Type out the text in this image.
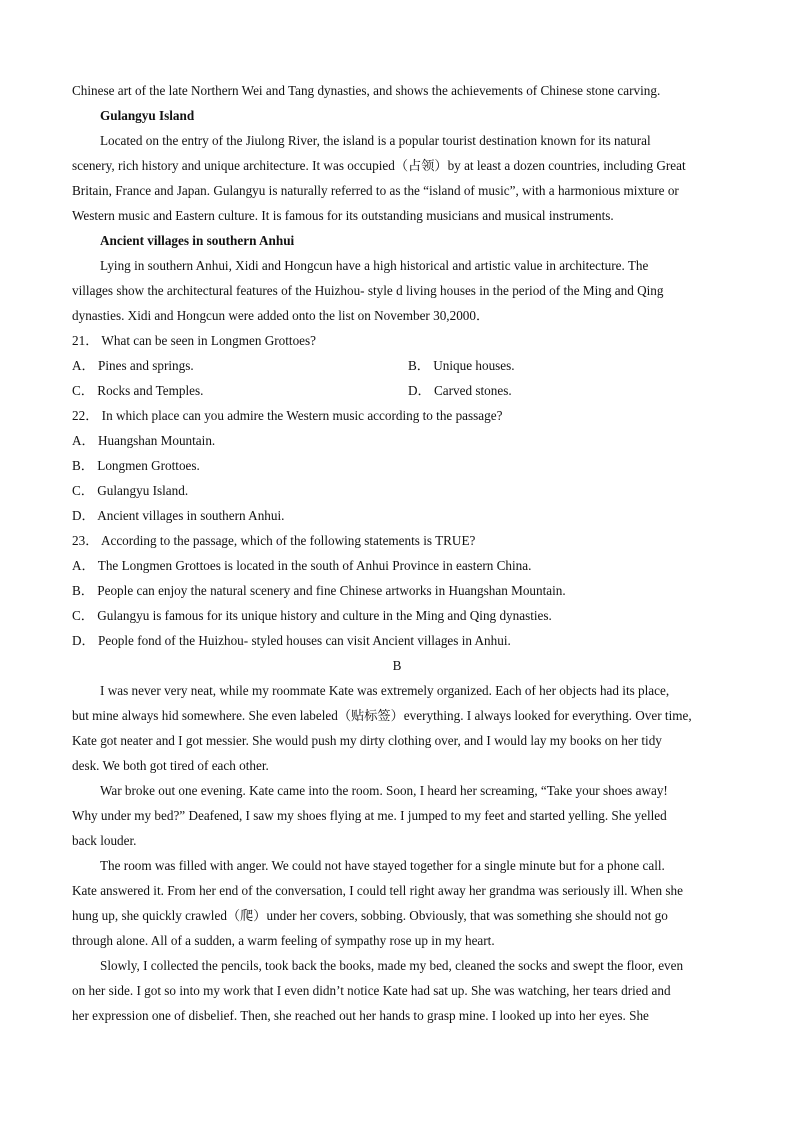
Chinese art of the late Northern Wei and Tang dynasties, and shows the achievements of Chinese stone carving.
Gulangyu Island
Located on the entry of the Jiulong River, the island is a popular tourist destination known for its natural
scenery, rich history and unique architecture. It was occupied（占领）by at least a dozen countries, including Great
Britain, France and Japan. Gulangyu is naturally referred to as the “island of music”, with a harmonious mixture or
Western music and Eastern culture. It is famous for its outstanding musicians and musical instruments.
Ancient villages in southern Anhui
Lying in southern Anhui, Xidi and Hongcun have a high historical and artistic value in architecture. The
villages show the architectural features of the Huizhou- style d living houses in the period of the Ming and Qing
dynasties. Xidi and Hongcun were added onto the list on November 30,2000．
21． What can be seen in Longmen Grottoes?
A． Pines and springs.	B． Unique houses.
C． Rocks and Temples.	D． Carved stones.
22． In which place can you admire the Western music according to the passage?
A． Huangshan Mountain.
B． Longmen Grottoes.
C． Gulangyu Island.
D． Ancient villages in southern Anhui.
23． According to the passage, which of the following statements is TRUE?
A． The Longmen Grottoes is located in the south of Anhui Province in eastern China.
B． People can enjoy the natural scenery and fine Chinese artworks in Huangshan Mountain.
C． Gulangyu is famous for its unique history and culture in the Ming and Qing dynasties.
D． People fond of the Huizhou- styled houses can visit Ancient villages in Anhui.
B
I was never very neat, while my roommate Kate was extremely organized. Each of her objects had its place,
but mine always hid somewhere. She even labeled（贴标签）everything. I always looked for everything. Over time,
Kate got neater and I got messier. She would push my dirty clothing over, and I would lay my books on her tidy
desk. We both got tired of each other.
War broke out one evening. Kate came into the room. Soon, I heard her screaming, “Take your shoes away!
Why under my bed?” Deafened, I saw my shoes flying at me. I jumped to my feet and started yelling. She yelled
back louder.
The room was filled with anger. We could not have stayed together for a single minute but for a phone call.
Kate answered it. From her end of the conversation, I could tell right away her grandma was seriously ill. When she
hung up, she quickly crawled（爬）under her covers, sobbing. Obviously, that was something she should not go
through alone. All of a sudden, a warm feeling of sympathy rose up in my heart.
Slowly, I collected the pencils, took back the books, made my bed, cleaned the socks and swept the floor, even
on her side. I got so into my work that I even didn’t notice Kate had sat up. She was watching, her tears dried and
her expression one of disbelief. Then, she reached out her hands to grasp mine. I looked up into her eyes. She
